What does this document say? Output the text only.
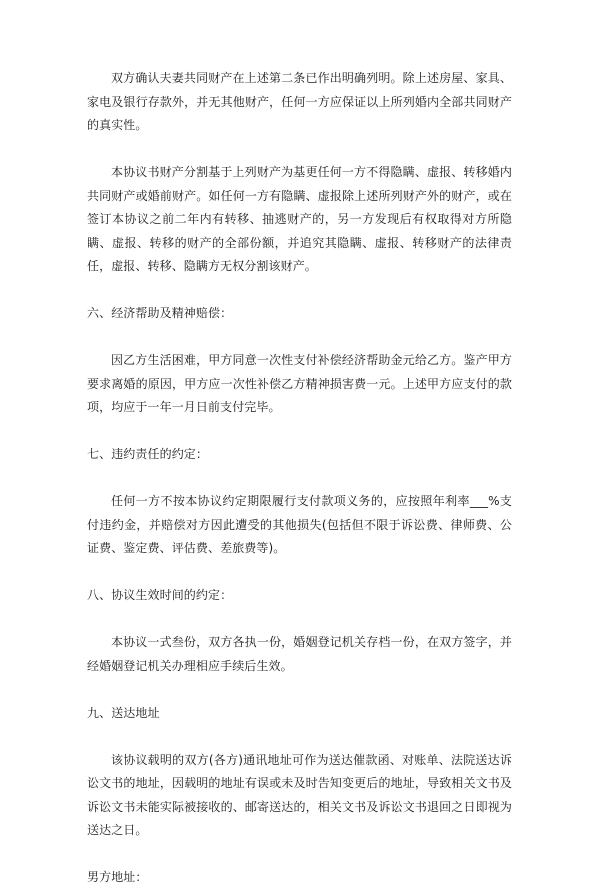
双方确认夫妻共同财产在上述第二条已作出明确列明。除上述房屋、家具、家电及银行存款外，并无其他财产，任何一方应保证以上所列婚内全部共同财产的真实性。

本协议书财产分割基于上列财产为基更任何一方不得隐瞒、虚报、转移婚内共同财产或婚前财产。如任何一方有隐瞒、虚报除上述所列财产外的财产，或在签订本协议之前二年内有转移、抽逃财产的，另一方发现后有权取得对方所隐瞒、虚报、转移的财产的全部份额，并追究其隐瞒、虚报、转移财产的法律责任，虚报、转移、隐瞒方无权分割该财产。

六、经济帮助及精神赔偿：

因乙方生活困难，甲方同意一次性支付补偿经济帮助金元给乙方。鉴产甲方要求离婚的原因，甲方应一次性补偿乙方精神损害费一元。上述甲方应支付的款项，均应于一年一月日前支付完毕。

七、违约责任的约定：

任何一方不按本协议约定期限履行支付款项义务的，应按照年利率___%支付违约金，并赔偿对方因此遭受的其他损失(包括但不限于诉讼费、律师费、公证费、鉴定费、评估费、差旅费等)。

八、协议生效时间的约定：

本协议一式叁份，双方各执一份，婚姻登记机关存档一份，在双方签字，并经婚姻登记机关办理相应手续后生效。

九、送达地址

该协议载明的双方(各方)通讯地址可作为送达催款函、对账单、法院送达诉讼文书的地址，因载明的地址有误或未及时告知变更后的地址，导致相关文书及诉讼文书未能实际被接收的、邮寄送达的，相关文书及诉讼文书退回之日即视为送达之日。

男方地址：
